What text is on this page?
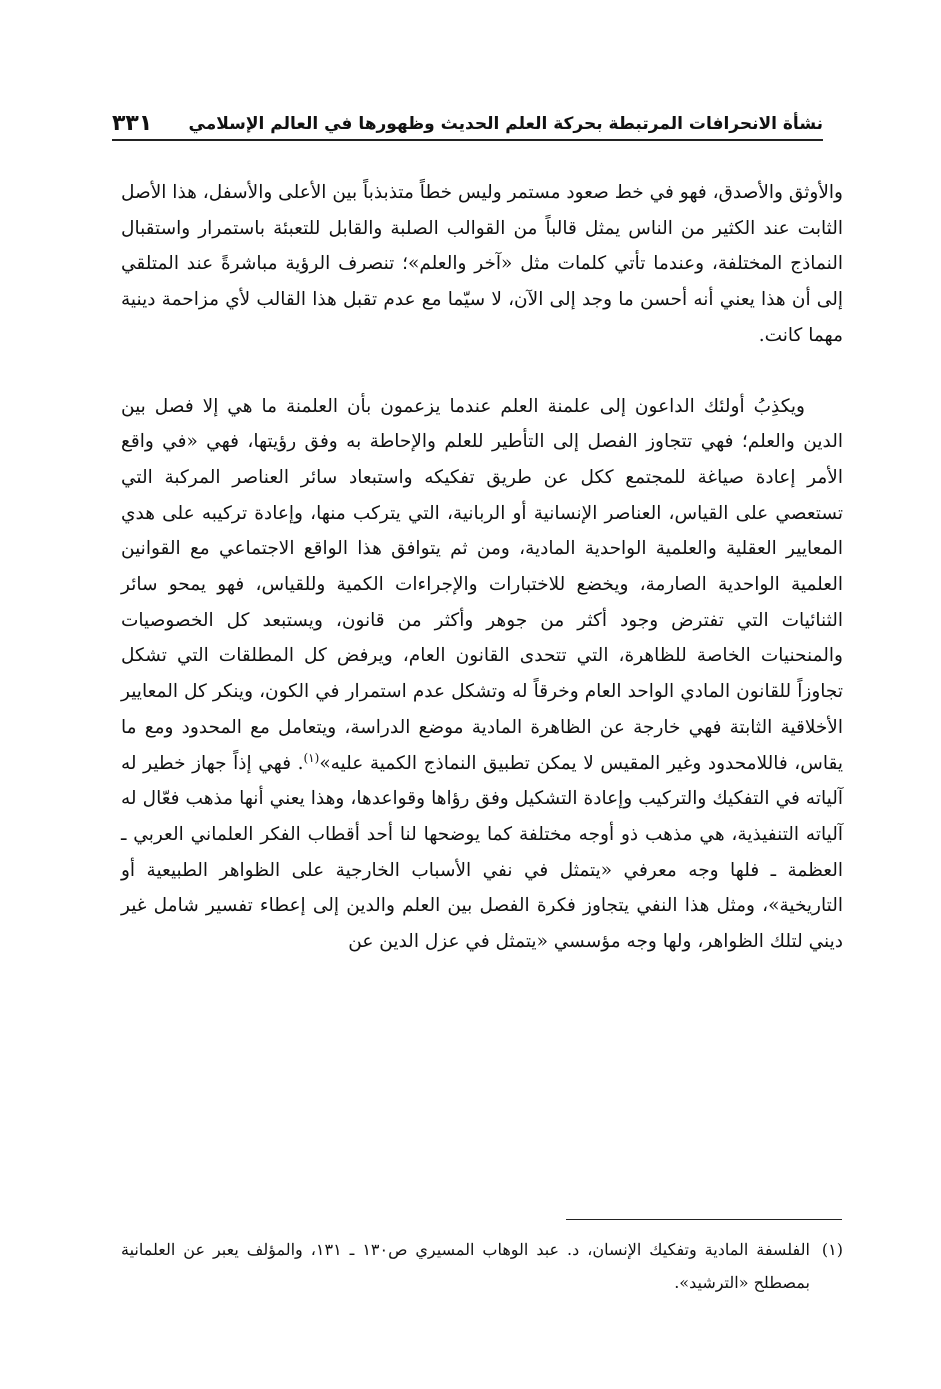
نشأة الانحرافات المرتبطة بحركة العلم الحديث وظهورها في العالم الإسلامي
٣٣١

والأوثق والأصدق، فهو في خط صعود مستمر وليس خطاً متذبذباً بين الأعلى والأسفل، هذا الأصل الثابت عند الكثير من الناس يمثل قالباً من القوالب الصلبة والقابل للتعبئة باستمرار واستقبال النماذج المختلفة، وعندما تأتي كلمات مثل «آخر والعلم»؛ تنصرف الرؤية مباشرةً عند المتلقي إلى أن هذا يعني أنه أحسن ما وجد إلى الآن، لا سيّما مع عدم تقبل هذا القالب لأي مزاحمة دينية مهما كانت.

ويكذِبُ أولئك الداعون إلى علمنة العلم عندما يزعمون بأن العلمنة ما هي إلا فصل بين الدين والعلم؛ فهي تتجاوز الفصل إلى التأطير للعلم والإحاطة به وفق رؤيتها، فهي «في واقع الأمر إعادة صياغة للمجتمع ككل عن طريق تفكيكه واستبعاد سائر العناصر المركبة التي تستعصي على القياس، العناصر الإنسانية أو الربانية، التي يتركب منها، وإعادة تركيبه على هدي المعايير العقلية والعلمية الواحدية المادية، ومن ثم يتوافق هذا الواقع الاجتماعي مع القوانين العلمية الواحدية الصارمة، ويخضع للاختبارات والإجراءات الكمية وللقياس، فهو يمحو سائر الثنائيات التي تفترض وجود أكثر من جوهر وأكثر من قانون، ويستبعد كل الخصوصيات والمنحنيات الخاصة للظاهرة، التي تتحدى القانون العام، ويرفض كل المطلقات التي تشكل تجاوزاً للقانون المادي الواحد العام وخرقاً له وتشكل عدم استمرار في الكون، وينكر كل المعايير الأخلاقية الثابتة فهي خارجة عن الظاهرة المادية موضع الدراسة، ويتعامل مع المحدود ومع ما يقاس، فاللامحدود وغير المقيس لا يمكن تطبيق النماذج الكمية عليه»$^{(١)}$. فهي إذاً جهاز خطير له آلياته في التفكيك والتركيب وإعادة التشكيل وفق رؤاها وقواعدها، وهذا يعني أنها مذهب فعّال له آلياته التنفيذية، هي مذهب ذو أوجه مختلفة كما يوضحها لنا أحد أقطاب الفكر العلماني العربي ـ العظمة ـ فلها وجه معرفي «يتمثل في نفي الأسباب الخارجية على الظواهر الطبيعية أو التاريخية»، ومثل هذا النفي يتجاوز فكرة الفصل بين العلم والدين إلى إعطاء تفسير شامل غير ديني لتلك الظواهر، ولها وجه مؤسسي «يتمثل في عزل الدين عن

(١)
الفلسفة المادية وتفكيك الإنسان، د. عبد الوهاب المسيري ص١٣٠ ـ ١٣١، والمؤلف يعبر عن العلمانية بمصطلح «الترشيد».
